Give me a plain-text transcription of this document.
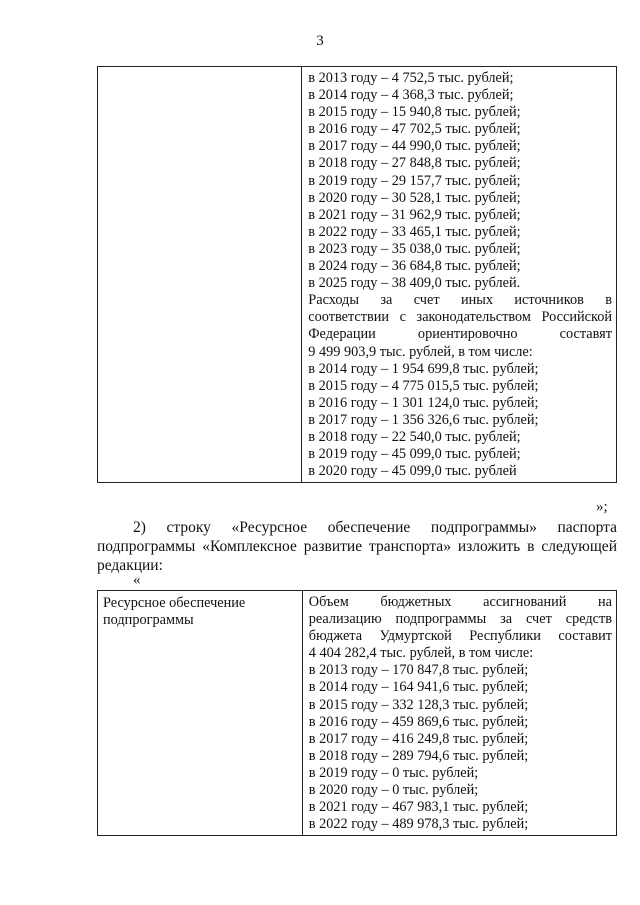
3

в 2013 году – 4 752,5 тыс. рублей;
в 2014 году – 4 368,3 тыс. рублей;
в 2015 году – 15 940,8 тыс. рублей;
в 2016 году – 47 702,5 тыс. рублей;
в 2017 году – 44 990,0 тыс. рублей;
в 2018 году – 27 848,8 тыс. рублей;
в 2019 году – 29 157,7 тыс. рублей;
в 2020 году – 30 528,1 тыс. рублей;
в 2021 году – 31 962,9 тыс. рублей;
в 2022 году – 33 465,1 тыс. рублей;
в 2023 году – 35 038,0 тыс. рублей;
в 2024 году – 36 684,8 тыс. рублей;
в 2025 году – 38 409,0 тыс. рублей.
Расходы за счет иных источников в
соответствии с законодательством Российской
Федерации ориентировочно составят
9 499 903,9 тыс. рублей, в том числе:
в 2014 году – 1 954 699,8 тыс. рублей;
в 2015 году – 4 775 015,5 тыс. рублей;
в 2016 году – 1 301 124,0 тыс. рублей;
в 2017 году – 1 356 326,6 тыс. рублей;
в 2018 году – 22 540,0 тыс. рублей;
в 2019 году – 45 099,0 тыс. рублей;
в 2020 году – 45 099,0 тыс. рублей
»;
2) строку «Ресурсное обеспечение подпрограммы» паспорта
подпрограммы «Комплексное развитие транспорта» изложить в следующей
редакции:
«
Ресурсное обеспечение подпрограммы

Объем бюджетных ассигнований на
реализацию подпрограммы за счет средств
бюджета Удмуртской Республики составит
4 404 282,4 тыс. рублей, в том числе:
в 2013 году – 170 847,8 тыс. рублей;
в 2014 году – 164 941,6 тыс. рублей;
в 2015 году – 332 128,3 тыс. рублей;
в 2016 году – 459 869,6 тыс. рублей;
в 2017 году – 416 249,8 тыс. рублей;
в 2018 году – 289 794,6 тыс. рублей;
в 2019 году – 0 тыс. рублей;
в 2020 году – 0 тыс. рублей;
в 2021 году – 467 983,1 тыс. рублей;
в 2022 году – 489 978,3 тыс. рублей;
